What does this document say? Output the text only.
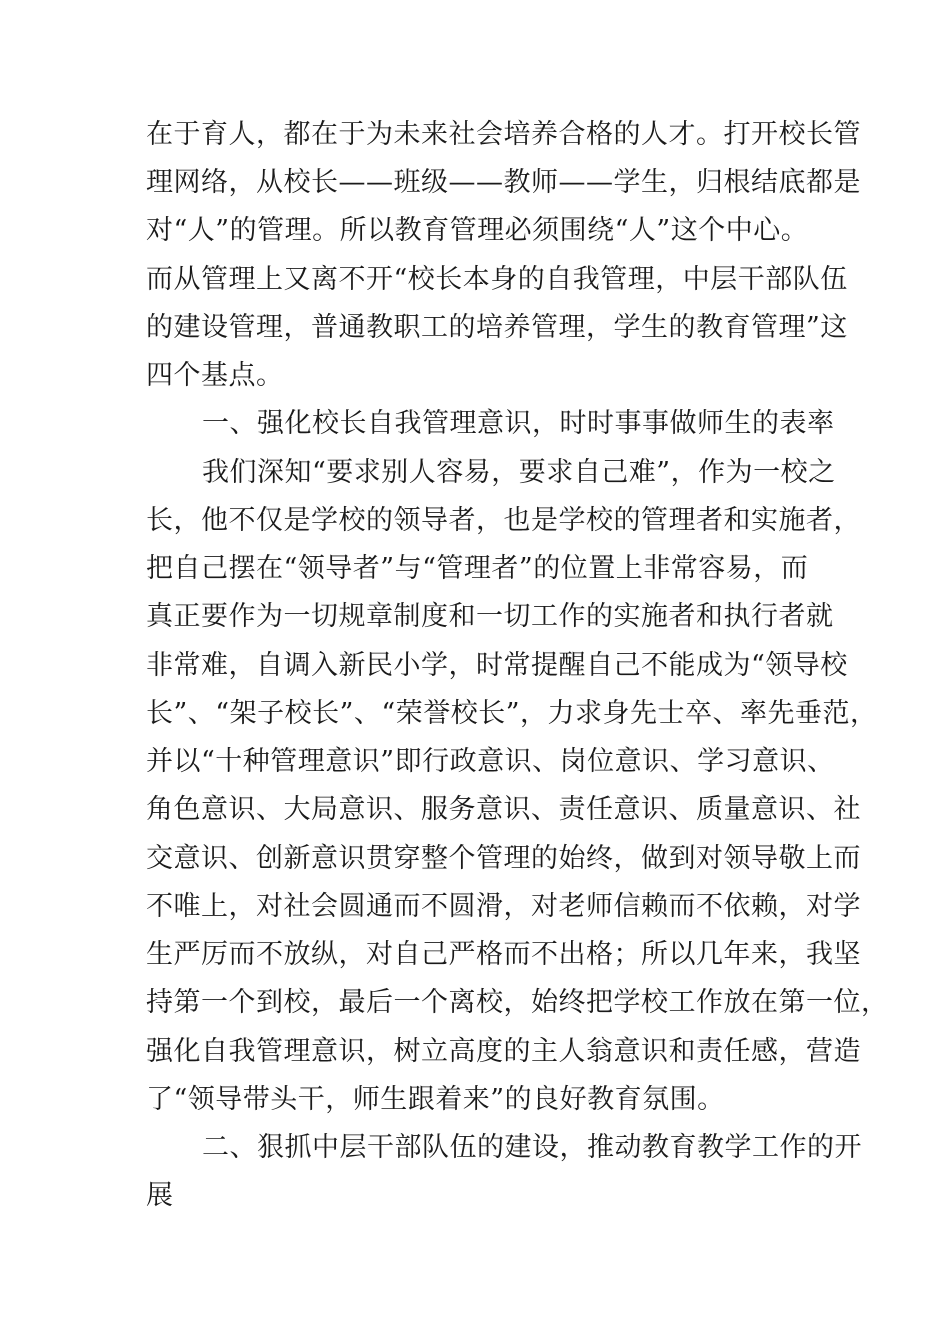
在于育人，都在于为未来社会培养合格的人才。打开校长管
理网络，从校长——班级——教师——学生，归根结底都是
对“人”的管理。所以教育管理必须围绕“人”这个中心。
而从管理上又离不开“校长本身的自我管理，中层干部队伍
的建设管理，普通教职工的培养管理，学生的教育管理”这
四个基点。
一、强化校长自我管理意识，时时事事做师生的表率
我们深知“要求别人容易，要求自己难”，作为一校之
长，他不仅是学校的领导者，也是学校的管理者和实施者，
把自己摆在“领导者”与“管理者”的位置上非常容易，而
真正要作为一切规章制度和一切工作的实施者和执行者就
非常难，自调入新民小学，时常提醒自己不能成为“领导校
长”、“架子校长”、“荣誉校长”，力求身先士卒、率先垂范，
并以“十种管理意识”即行政意识、岗位意识、学习意识、
角色意识、大局意识、服务意识、责任意识、质量意识、社
交意识、创新意识贯穿整个管理的始终，做到对领导敬上而
不唯上，对社会圆通而不圆滑，对老师信赖而不依赖，对学
生严厉而不放纵，对自己严格而不出格；所以几年来，我坚
持第一个到校，最后一个离校，始终把学校工作放在第一位，
强化自我管理意识，树立高度的主人翁意识和责任感，营造
了“领导带头干，师生跟着来”的良好教育氛围。
二、狠抓中层干部队伍的建设，推动教育教学工作的开
展
